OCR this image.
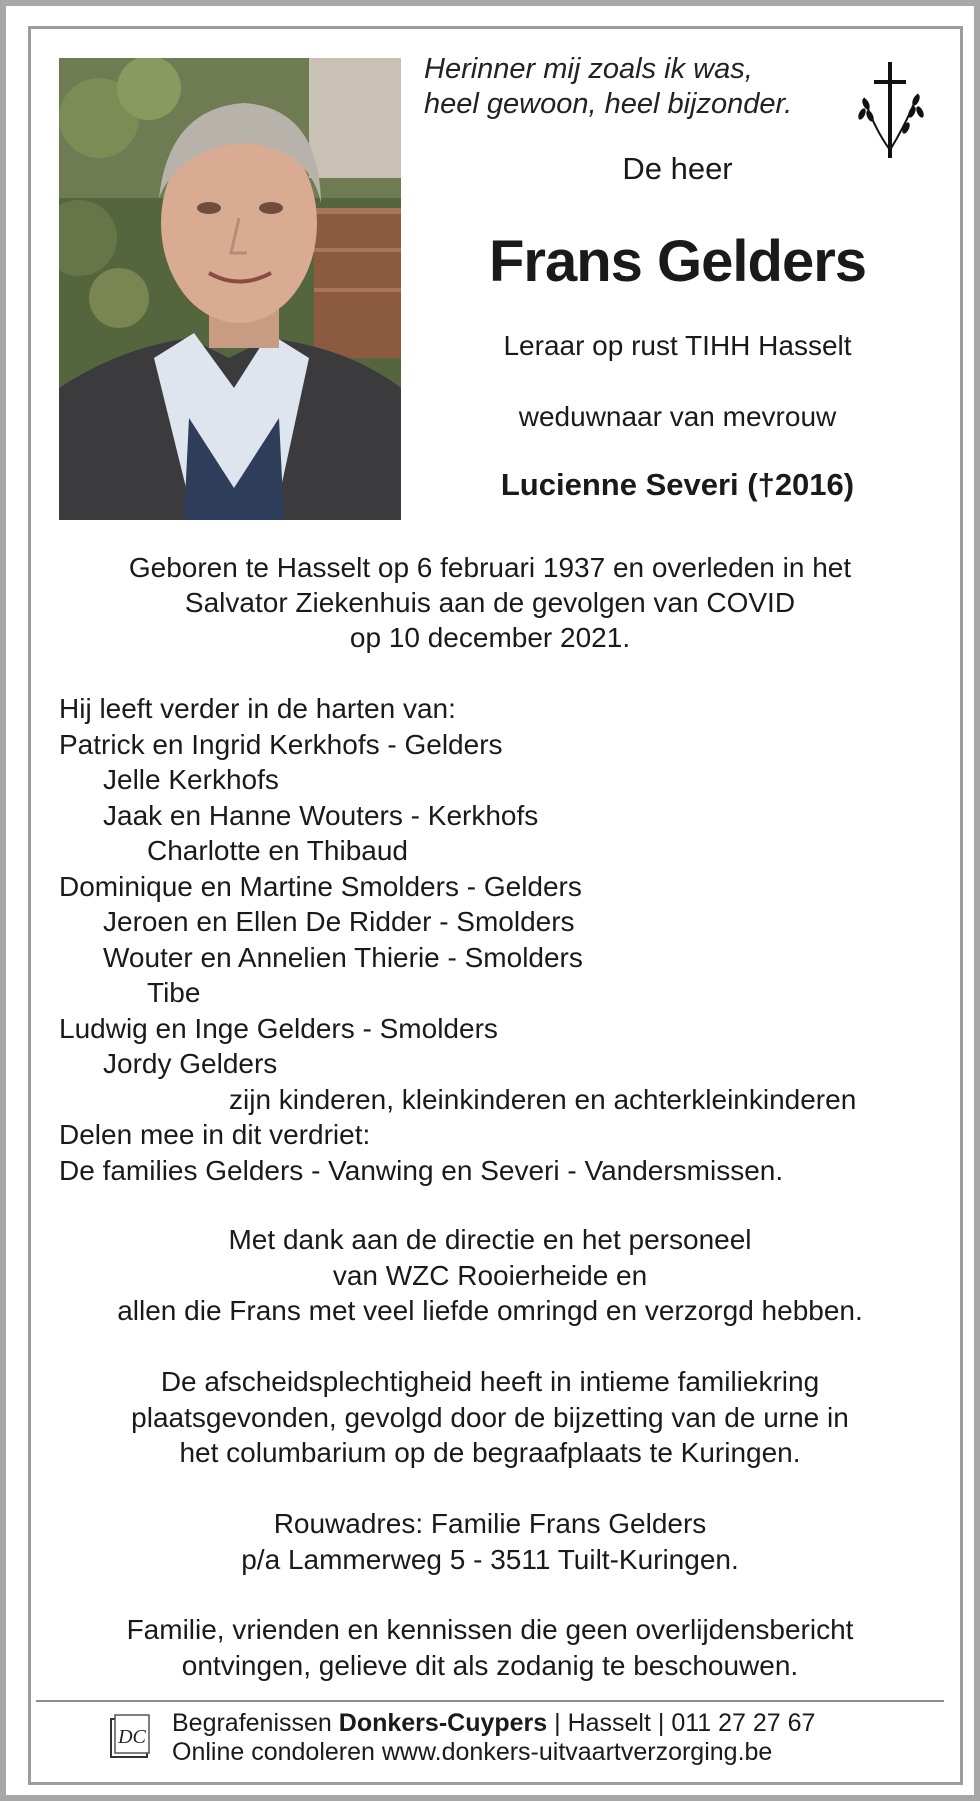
Herinner mij zoals ik was,
heel gewoon, heel bijzonder.
De heer
Frans Gelders
Leraar op rust TIHH Hasselt
weduwnaar van mevrouw
Lucienne Severi (†2016)
Geboren te Hasselt op 6 februari 1937 en overleden in het
Salvator Ziekenhuis aan de gevolgen van COVID
op 10 december 2021.
Hij leeft verder in de harten van:
Patrick en Ingrid Kerkhofs - Gelders
Jelle Kerkhofs
Jaak en Hanne Wouters - Kerkhofs
Charlotte en Thibaud
Dominique en Martine Smolders - Gelders
Jeroen en Ellen De Ridder - Smolders
Wouter en Annelien Thierie - Smolders
Tibe
Ludwig en Inge Gelders - Smolders
Jordy Gelders
zijn kinderen, kleinkinderen en achterkleinkinderen
Delen mee in dit verdriet:
De families Gelders - Vanwing en Severi - Vandersmissen.
Met dank aan de directie en het personeel
van WZC Rooierheide en
allen die Frans met veel liefde omringd en verzorgd hebben.
De afscheidsplechtigheid heeft in intieme familiekring
plaatsgevonden, gevolgd door de bijzetting van de urne in
het columbarium op de begraafplaats te Kuringen.
Rouwadres: Familie Frans Gelders
p/a Lammerweg 5 - 3511 Tuilt-Kuringen.
Familie, vrienden en kennissen die geen overlijdensbericht
ontvingen, gelieve dit als zodanig te beschouwen.
DC Begrafenissen Donkers-Cuypers | Hasselt | 011 27 27 67
Online condoleren www.donkers-uitvaartverzorging.be
